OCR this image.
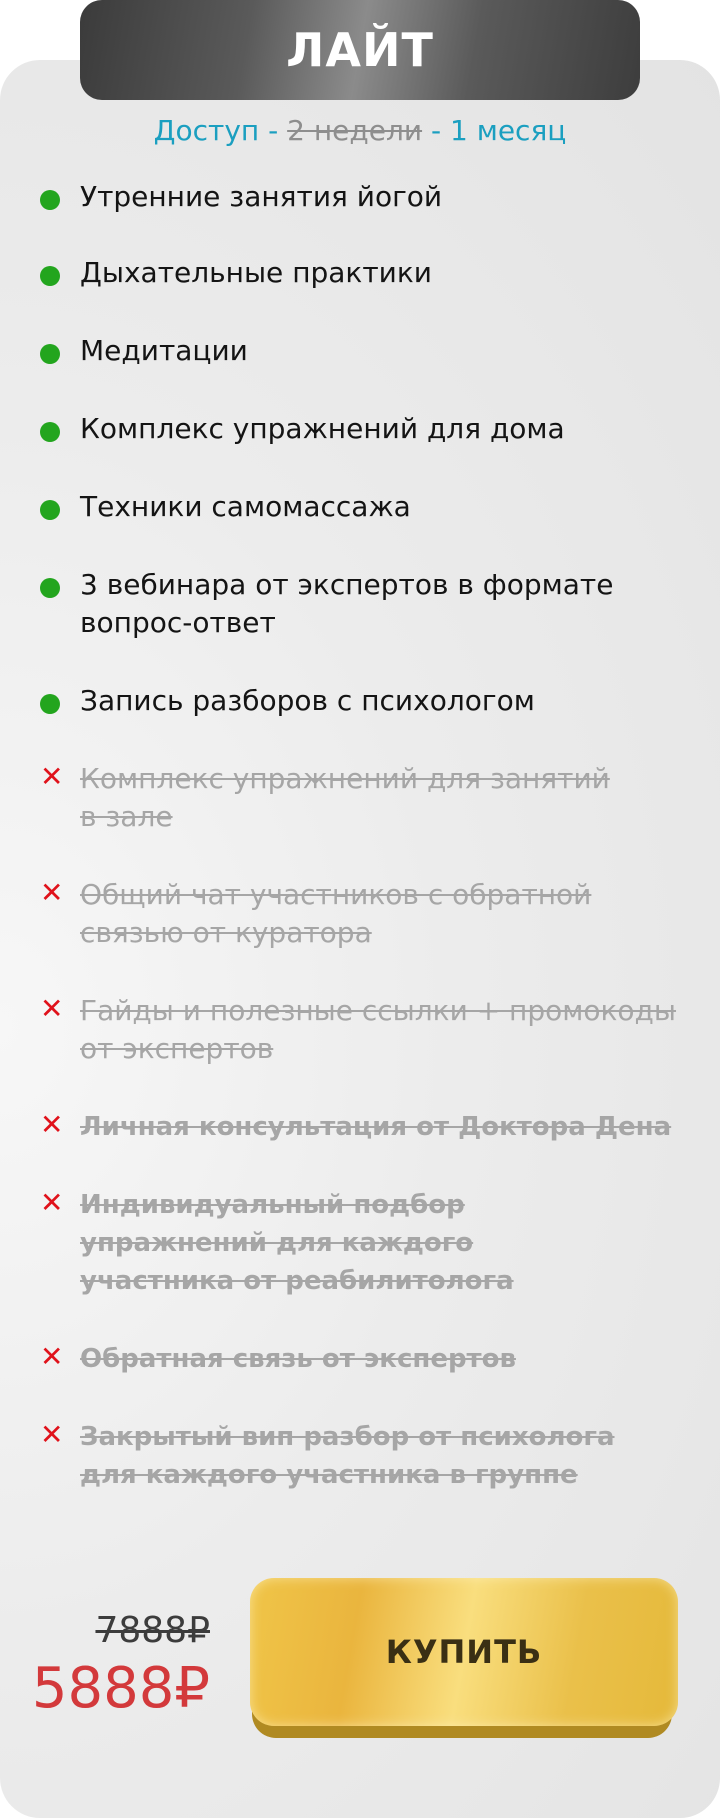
ЛАЙТ
Доступ - 2 недели - 1 месяц
Утренние занятия йогой
Дыхательные практики
Медитации
Комплекс упражнений для дома
Техники самомассажа
3 вебинара от экспертов в формате вопрос-ответ
Запись разборов с психологом
✕ Комплекс упражнений для занятий в зале
✕ Общий чат участников с обратной связью от куратора
✕ Гайды и полезные ссылки + промокоды от экспертов
✕ Личная консультация от Доктора Дена
✕ Индивидуальный подбор упражнений для каждого участника от реабилитолога
✕ Обратная связь от экспертов
✕ Закрытый вип разбор от психолога для каждого участника в группе
7888₽
5888₽
КУПИТЬ
